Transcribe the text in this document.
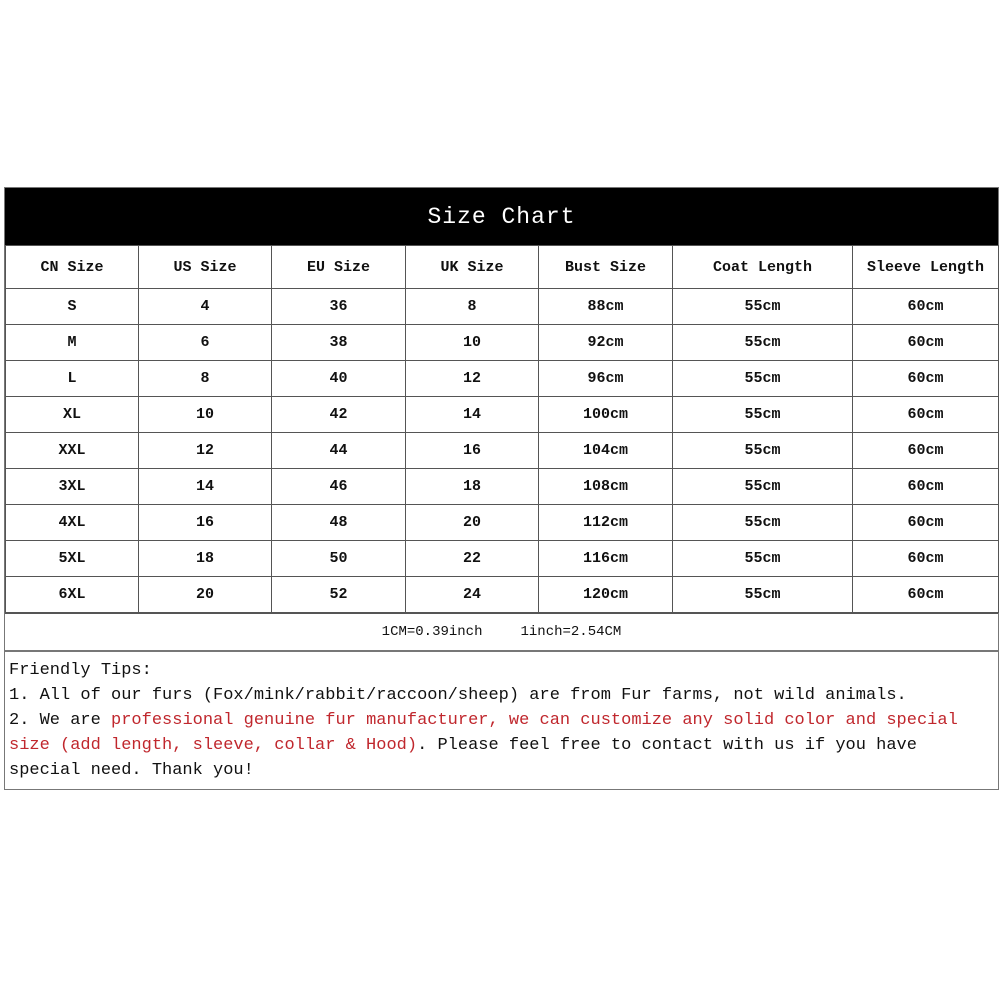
Size Chart
CN Size	US Size	EU Size	UK Size	Bust Size	Coat Length	Sleeve Length
S	4	36	8	88cm	55cm	60cm
M	6	38	10	92cm	55cm	60cm
L	8	40	12	96cm	55cm	60cm
XL	10	42	14	100cm	55cm	60cm
XXL	12	44	16	104cm	55cm	60cm
3XL	14	46	18	108cm	55cm	60cm
4XL	16	48	20	112cm	55cm	60cm
5XL	18	50	22	116cm	55cm	60cm
6XL	20	52	24	120cm	55cm	60cm
1CM=0.39inch	1inch=2.54CM
Friendly Tips:
1. All of our furs (Fox/mink/rabbit/raccoon/sheep) are from Fur farms, not wild animals.
2. We are professional genuine fur manufacturer, we can customize any solid color and special size (add length, sleeve, collar & Hood). Please feel free to contact with us if you have special need. Thank you!
